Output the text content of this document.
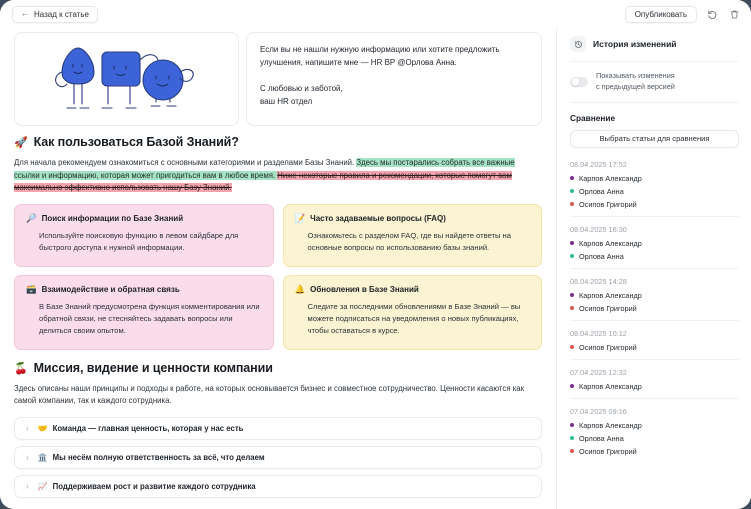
← Назад к статье	Опубликовать

Если вы не нашли нужную информацию или хотите предложить улучшения, напишите мне — HR BP @Орлова Анна.

С любовью и заботой,
ваш HR отдел

🚀 Как пользоваться Базой Знаний?
Для начала рекомендуем ознакомиться с основными категориями и разделами Базы Знаний. Здесь мы постарались собрать все важные ссылки и информацию, которая может пригодиться вам в любое время. Ниже некоторые правила и рекомендации, которые помогут вам максимально эффективно использовать нашу Базу Знаний.
🔎 Поиск информации по Базе Знаний
Используйте поисковую функцию в левом сайдбаре для быстрого доступа к нужной информации.
📝 Часто задаваемые вопросы (FAQ)
Ознакомьтесь с разделом FAQ, где вы найдете ответы на основные вопросы по использованию базы знаний.
🗃️ Взаимодействие и обратная связь
В Базе Знаний предусмотрена функция комментирования или обратной связи, не стесняйтесь задавать вопросы или делиться своим опытом.
🔔 Обновления в Базе Знаний
Следите за последними обновлениями в Базе Знаний — вы можете подписаться на уведомления о новых публикациях, чтобы оставаться в курсе.
🍒 Миссия, видение и ценности компании
Здесь описаны наши принципы и подходы к работе, на которых основывается бизнес и совместное сотрудничество. Ценности касаются как самой компании, так и каждого сотрудника.
› 🤝 Команда — главная ценность, которая у нас есть
› 🏛️ Мы несём полную ответственность за всё, что делаем
› 📈 Поддерживаем рост и развитие каждого сотрудника
История изменений
Показывать изменения
с предыдущей версией
Сравнение
Выбрать статьи для сравнения
08.04.2025 17:52
Карпов Александр
Орлова Анна
Осипов Григорий
08.04.2025 16:30
Карпов Александр
Орлова Анна
08.04.2025 14:28
Карпов Александр
Осипов Григорий
08.04.2025 10:12
Осипов Григорий
07.04.2025 12:32
Карпов Александр
07.04.2025 09:16
Карпов Александр
Орлова Анна
Осипов Григорий
